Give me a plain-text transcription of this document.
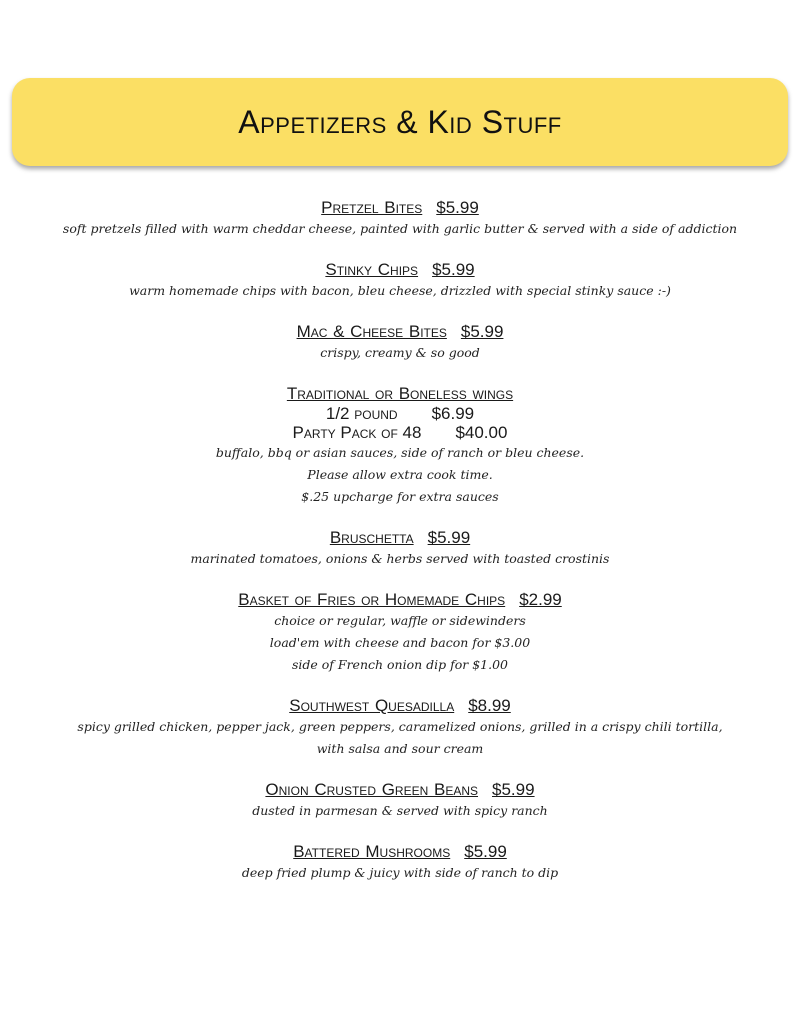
Appetizers & Kid Stuff
Pretzel Bites $5.99
soft pretzels filled with warm cheddar cheese, painted with garlic butter & served with a side of addiction
Stinky Chips $5.99
warm homemade chips with bacon, bleu cheese, drizzled with special stinky sauce :-)
Mac & Cheese Bites $5.99
crispy, creamy & so good
Traditional or Boneless wings
1/2 pound $6.99
Party Pack of 48 $40.00
buffalo, bbq or asian sauces, side of ranch or bleu cheese.
Please allow extra cook time.
$.25 upcharge for extra sauces
Bruschetta $5.99
marinated tomatoes, onions & herbs served with toasted crostinis
Basket of Fries or Homemade Chips $2.99
choice or regular, waffle or sidewinders
load'em with cheese and bacon for $3.00
side of French onion dip for $1.00
Southwest Quesadilla $8.99
spicy grilled chicken, pepper jack, green peppers, caramelized onions, grilled in a crispy chili tortilla,
with salsa and sour cream
Onion Crusted Green Beans $5.99
dusted in parmesan & served with spicy ranch
Battered Mushrooms $5.99
deep fried plump & juicy with side of ranch to dip
